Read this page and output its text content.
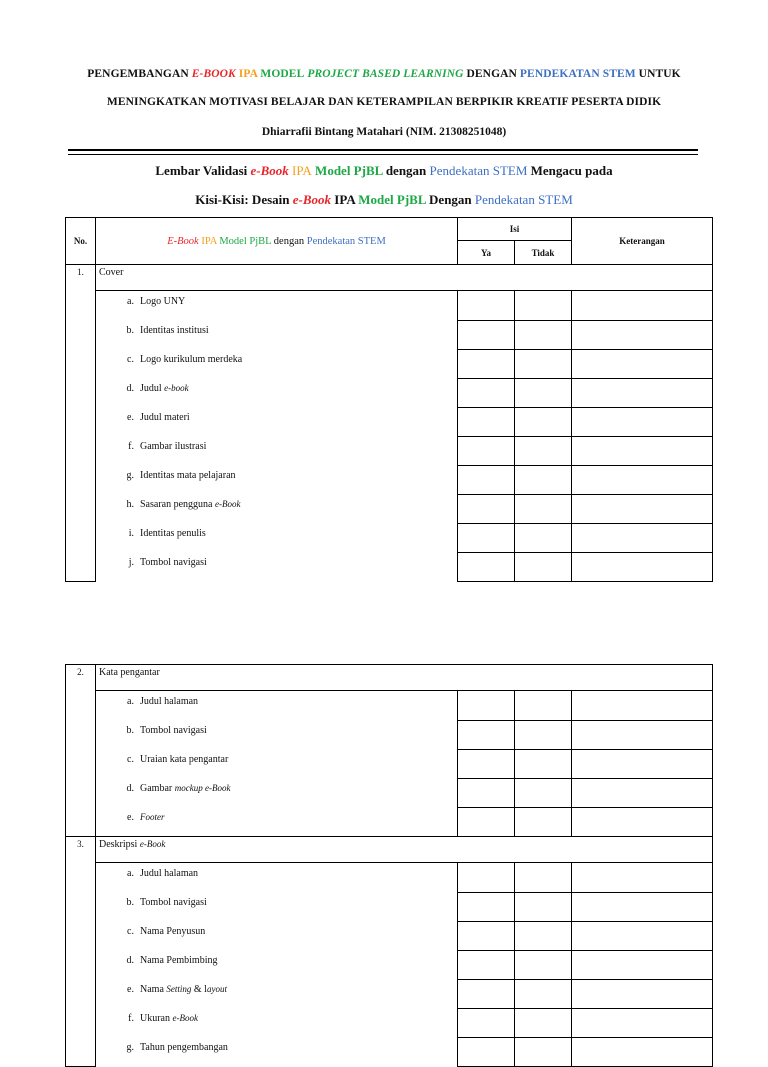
PENGEMBANGAN E-BOOK IPA MODEL PROJECT BASED LEARNING DENGAN PENDEKATAN STEM UNTUK

MENINGKATKAN MOTIVASI BELAJAR DAN KETERAMPILAN BERPIKIR KREATIF PESERTA DIDIK

Dhiarrafii Bintang Matahari (NIM. 21308251048)

Lembar Validasi e-Book IPA Model PjBL dengan Pendekatan STEM Mengacu pada

Kisi-Kisi: Desain e-Book IPA Model PjBL Dengan Pendekatan STEM

No.	E-Book IPA Model PjBL dengan Pendekatan STEM	Isi		Keterangan
		Ya	Tidak	
1.	Cover			
	a. Logo UNY			
	b. Identitas institusi			
	c. Logo kurikulum merdeka			
	d. Judul e-book			
	e. Judul materi			
	f. Gambar ilustrasi			
	g. Identitas mata pelajaran			
	h. Sasaran pengguna e-Book			
	i. Identitas penulis			
	j. Tombol navigasi			
2.	Kata pengantar			
	a. Judul halaman			
	b. Tombol navigasi			
	c. Uraian kata pengantar			
	d. Gambar mockup e-Book			
	e. Footer			
3.	Deskripsi e-Book			
	a. Judul halaman			
	b. Tombol navigasi			
	c. Nama Penyusun			
	d. Nama Pembimbing			
	e. Nama Setting & layout			
	f. Ukuran e-Book			
	g. Tahun pengembangan			
